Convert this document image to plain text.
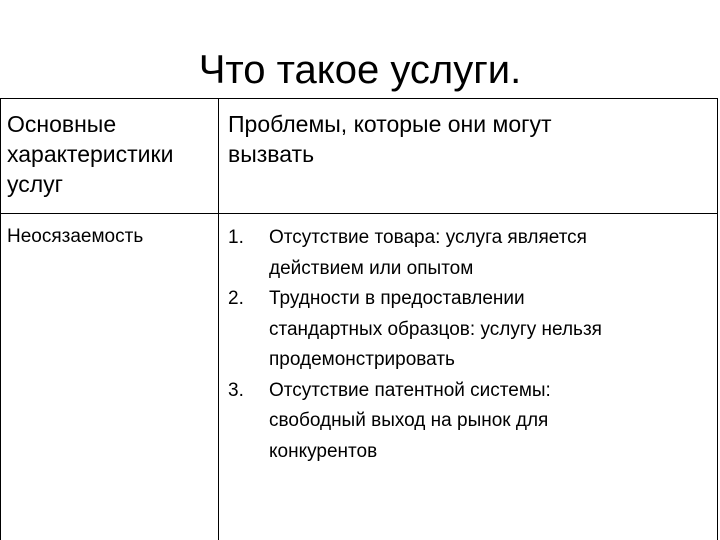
Что такое услуги.
Основные
характеристики
услуг
Проблемы, которые они могут
вызвать
Неосязаемость	1. Отсутствие товара: услуга является
действием или опытом
2. Трудности в предоставлении
стандартных образцов: услугу нельзя
продемонстрировать
3. Отсутствие патентной системы:
свободный выход на рынок для
конкурентов
